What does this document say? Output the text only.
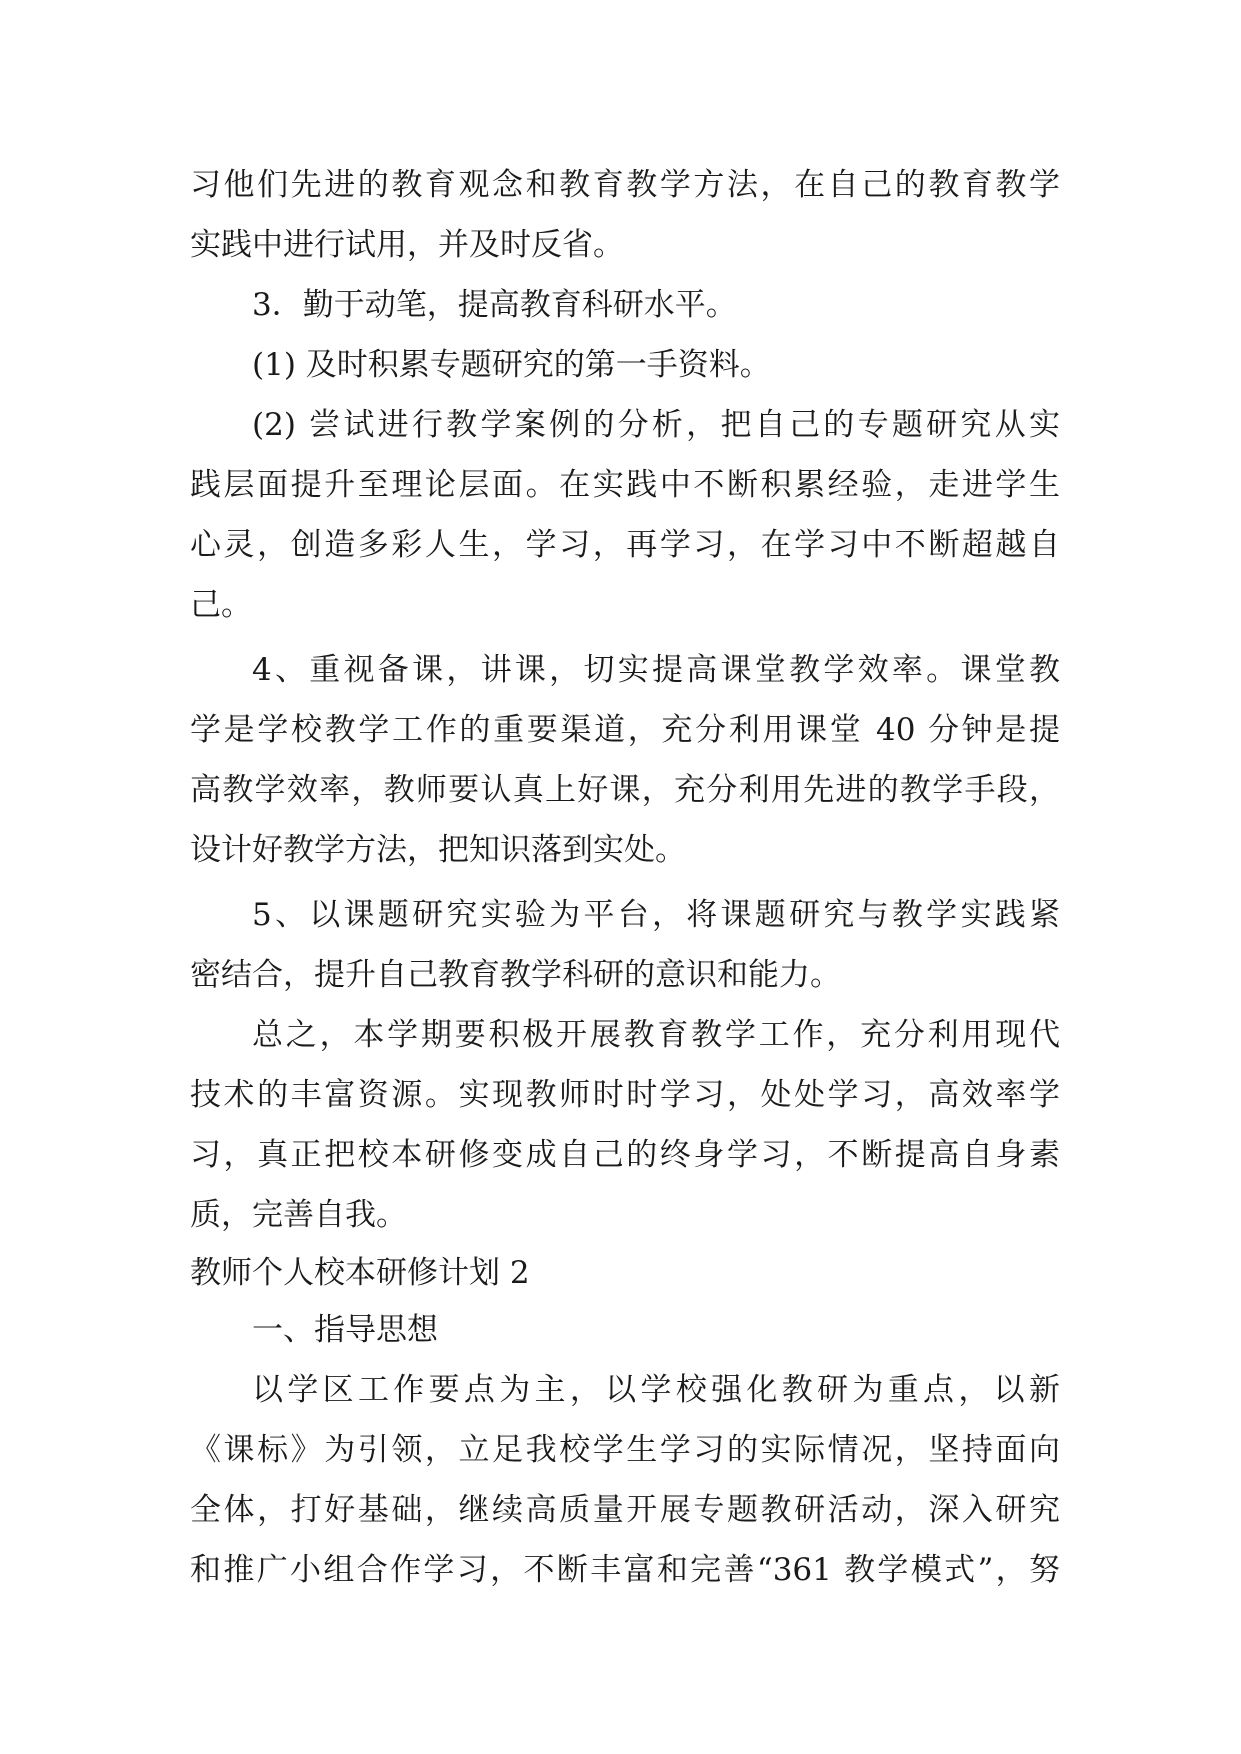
习他们先进的教育观念和教育教学方法，在自己的教育教学
实践中进行试用，并及时反省。
3．勤于动笔，提高教育科研水平。
(1) 及时积累专题研究的第一手资料。
(2) 尝试进行教学案例的分析，把自己的专题研究从实
践层面提升至理论层面。在实践中不断积累经验，走进学生
心灵，创造多彩人生，学习，再学习，在学习中不断超越自
己。
4、重视备课，讲课，切实提高课堂教学效率。课堂教
学是学校教学工作的重要渠道，充分利用课堂 40 分钟是提
高教学效率，教师要认真上好课，充分利用先进的教学手段，
设计好教学方法，把知识落到实处。
5、以课题研究实验为平台，将课题研究与教学实践紧
密结合，提升自己教育教学科研的意识和能力。
总之，本学期要积极开展教育教学工作，充分利用现代
技术的丰富资源。实现教师时时学习，处处学习，高效率学
习，真正把校本研修变成自己的终身学习，不断提高自身素
质，完善自我。
教师个人校本研修计划 2
一、指导思想
以学区工作要点为主，以学校强化教研为重点，以新
《课标》为引领，立足我校学生学习的实际情况，坚持面向
全体，打好基础，继续高质量开展专题教研活动，深入研究
和推广小组合作学习，不断丰富和完善“361 教学模式”，努
